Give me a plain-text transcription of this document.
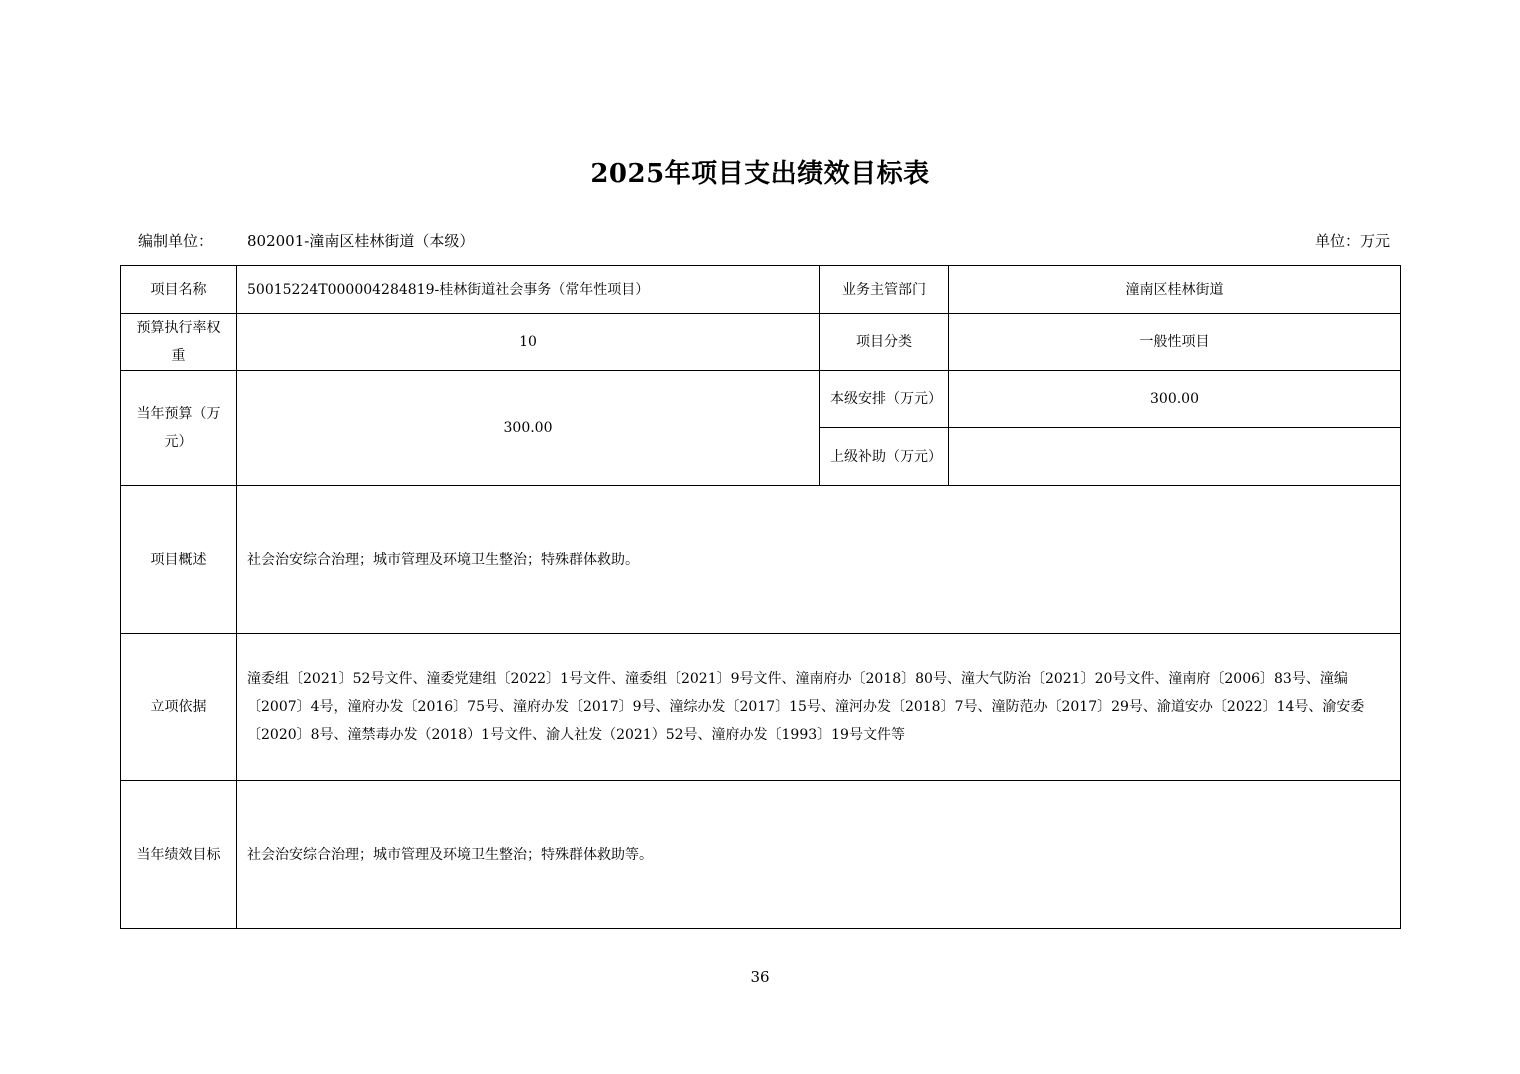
2025年项目支出绩效目标表
编制单位： 802001-潼南区桂林街道（本级）	单位：万元
项目名称	50015224T000004284819-桂林街道社会事务（常年性项目）	业务主管部门	潼南区桂林街道
预算执行率权重	10	项目分类	一般性项目
当年预算（万元）	300.00	本级安排（万元）	300.00
		上级补助（万元）	
项目概述	社会治安综合治理；城市管理及环境卫生整治；特殊群体救助。		
立项依据	潼委组〔2021〕52号文件、潼委党建组〔2022〕1号文件、潼委组〔2021〕9号文件、潼南府办〔2018〕80号、潼大气防治〔2021〕20号文件、潼南府〔2006〕83号、潼编〔2007〕4号，潼府办发〔2016〕75号、潼府办发〔2017〕9号、潼综办发〔2017〕15号、潼河办发〔2018〕7号、潼防范办〔2017〕29号、渝道安办〔2022〕14号、渝安委〔2020〕8号、潼禁毒办发（2018）1号文件、渝人社发（2021）52号、潼府办发〔1993〕19号文件等		
当年绩效目标	社会治安综合治理；城市管理及环境卫生整治；特殊群体救助等。		
36
